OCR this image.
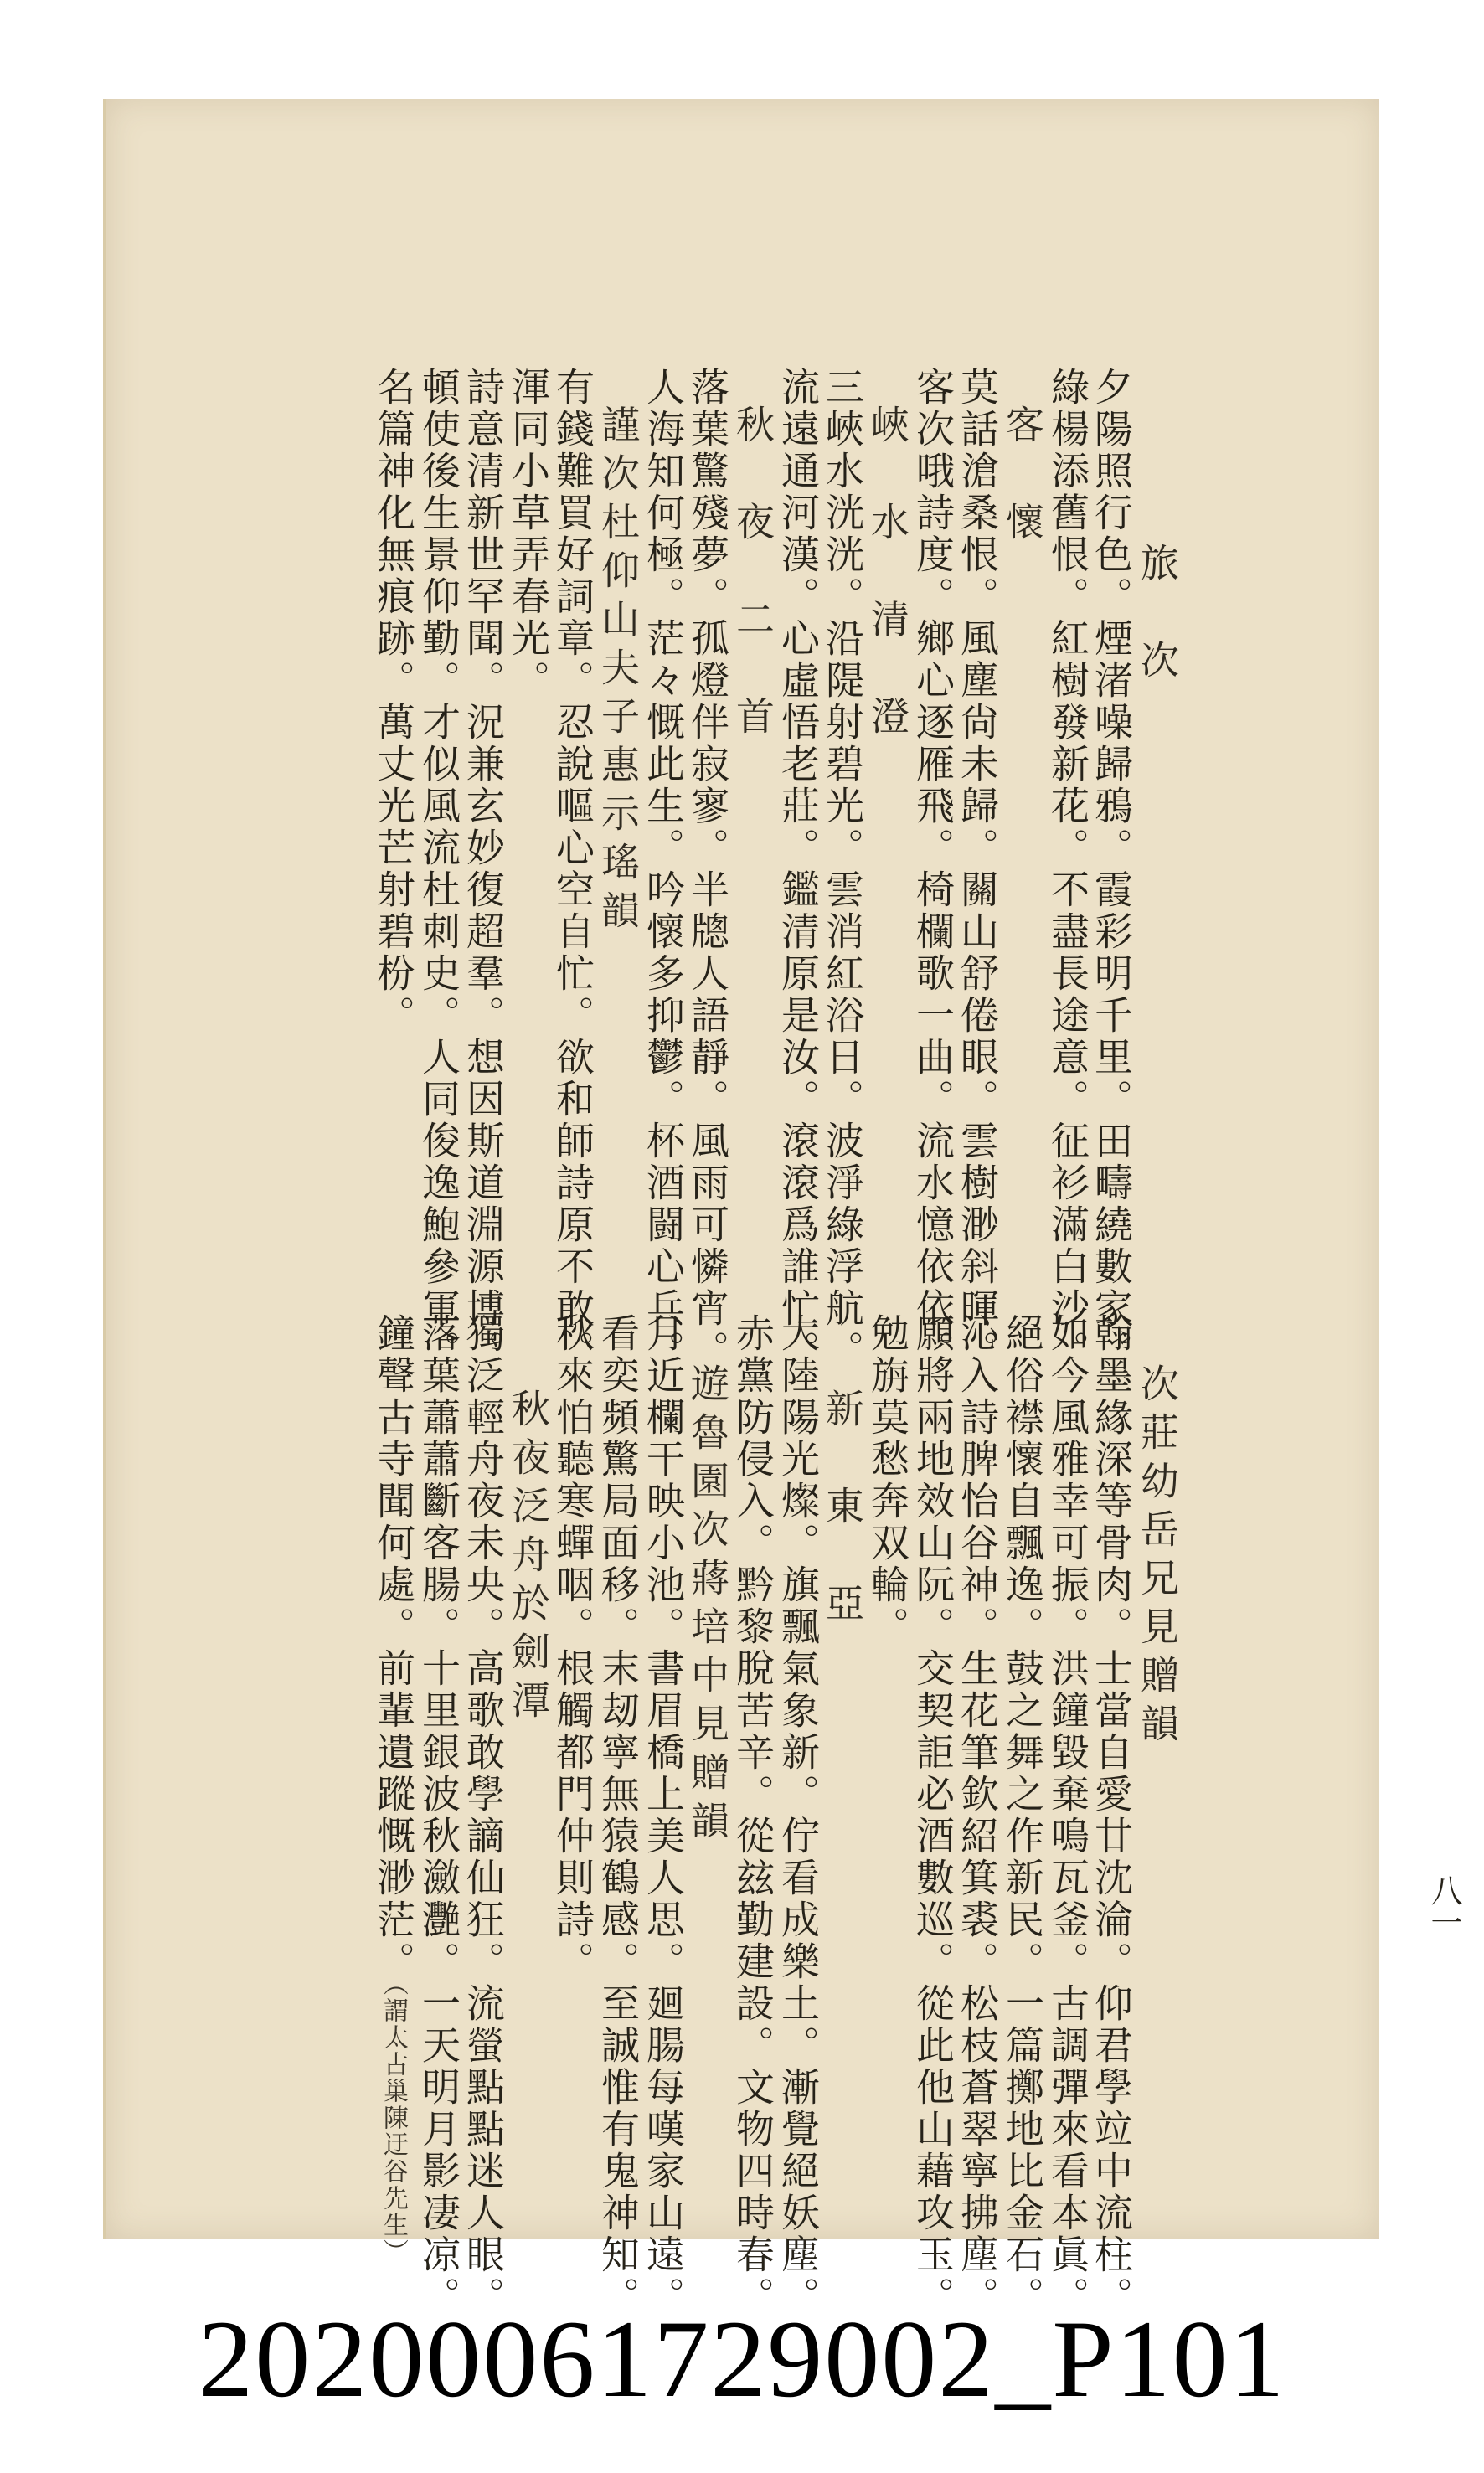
旅　次
夕陽照行色。煙渚噪歸鴉。霞彩明千里。田疇繞數家。
綠楊添舊恨。紅樹發新花。不盡長途意。征衫滿白沙。
客　懷
莫話滄桑恨。風塵尙未歸。關山舒倦眼。雲樹渺斜暉。
客次哦詩度。鄉心逐雁飛。椅欄歌一曲。流水憶依依。
峽　水　清　澄
三峽水洸洸。沿隄射碧光。雲消紅浴日。波淨綠浮航。
流遠通河漢。心虛悟老莊。鑑清原是汝。滾滾爲誰忙。
秋　夜　二　首
落葉驚殘夢。孤燈伴寂寥。半牕人語靜。風雨可憐宵。
人海知何極。茫々慨此生。吟懷多抑鬱。杯酒闘心兵。
謹次杜仰山夫子惠示瑤韻
有錢難買好詞章。忍說嘔心空自忙。欲和師詩原不敢。
渾同小草弄春光。
詩意清新世罕聞。況兼玄妙復超羣。想因斯道淵源博。
頓使後生景仰勤。才似風流杜刺史。人同俊逸鮑參軍。
名篇神化無痕跡。萬丈光芒射碧枌。
次莊幼岳兄見贈韻
翰墨緣深等骨肉。士當自愛廿沈淪。仰君學竝中流柱。
如今風雅幸可振。洪鐘毀棄鳴瓦釜。古調彈來看本眞。
絕俗襟懷自飄逸。鼓之舞之作新民。一篇擲地比金石。
沁入詩脾怡谷神。生花筆欽紹箕裘。松枝蒼翠寧拂塵。
願將兩地效山阮。交契詎必酒數巡。從此他山藉攻玉。
勉旃莫愁奔双輪。
新　東　亞
大陸陽光燦。旗飄氣象新。佇看成樂土。漸覺絕妖塵。
赤黨防侵入。黔黎脫苦辛。從玆勤建設。文物四時春。
遊魯園次蔣培中見贈韻
月近欄干映小池。書眉橋上美人思。廻腸每嘆家山遠。
看奕頻驚局面移。末刼寧無猿鶴感。至誠惟有鬼神知。
秋來怕聽寒蟬咽。根觸都門仲則詩。
秋夜泛舟於劍潭
獨泛輕舟夜未央。高歌敢學謫仙狂。流螢點點迷人眼。
落葉蕭蕭斷客腸。十里銀波秋瀲灧。一天明月影凄凉。
鐘聲古寺聞何處。前輩遺蹤慨渺茫。
（謂太古巢陳迂谷先生）
八一
20200061729002_P101
